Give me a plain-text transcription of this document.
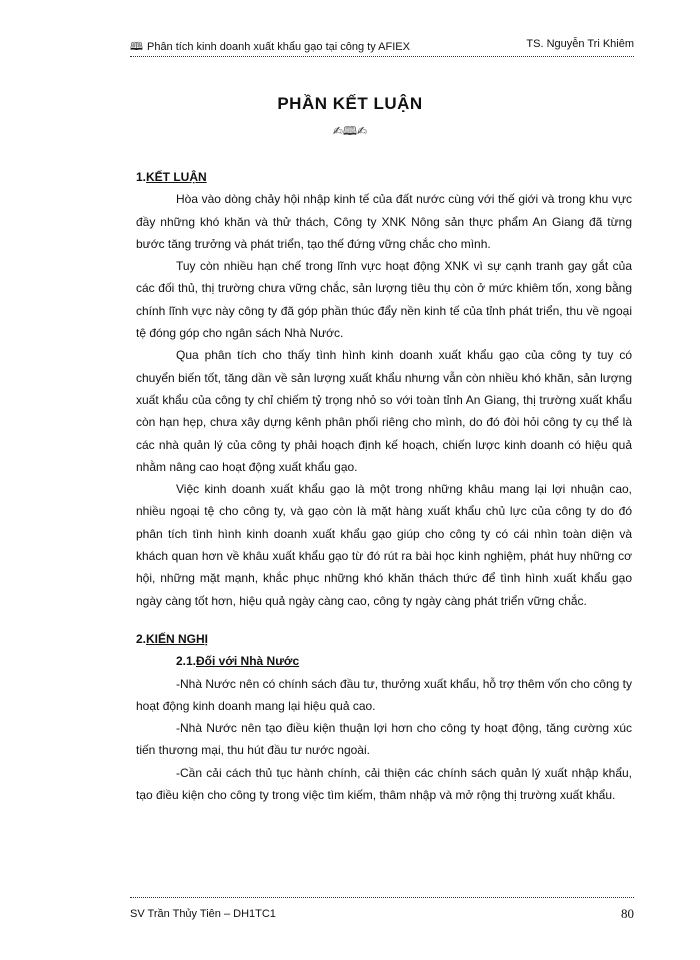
🕮 Phân tích kinh doanh xuất khẩu gạo tại công ty AFIEX	TS. Nguyễn Tri Khiêm
PHẦN KẾT LUẬN
✍🕮✍
1.KẾT LUẬN

Hòa vào dòng chảy hội nhập kinh tế của đất nước cùng với thế giới và trong khu vực đầy những khó khăn và thử thách, Công ty XNK Nông sản thực phẩm An Giang đã từng bước tăng trưởng và phát triển, tạo thế đứng vững chắc cho mình.

Tuy còn nhiều hạn chế trong lĩnh vực hoạt động XNK vì sự cạnh tranh gay gắt của các đối thủ, thị trường chưa vững chắc, sản lượng tiêu thụ còn ở mức khiêm tốn, xong bằng chính lĩnh vực này công ty đã góp phần thúc đẩy nền kinh tế của tỉnh phát triển, thu về ngoại tệ đóng góp cho ngân sách Nhà Nước.

Qua phân tích cho thấy tình hình kinh doanh xuất khẩu gạo của công ty tuy có chuyển biến tốt, tăng dần về sản lượng xuất khẩu nhưng vẫn còn nhiều khó khăn, sản lượng xuất khẩu của công ty chỉ chiếm tỷ trọng nhỏ so với toàn tỉnh An Giang, thị trường xuất khẩu còn hạn hẹp, chưa xây dựng kênh phân phối riêng cho mình, do đó đòi hỏi công ty cụ thể là các nhà quản lý của công ty phải hoạch định kế hoạch, chiến lược kinh doanh có hiệu quả nhằm nâng cao hoạt động xuất khẩu gạo.

Việc kinh doanh xuất khẩu gạo là một trong những khâu mang lại lợi nhuận cao, nhiều ngoại tệ cho công ty, và gạo còn là mặt hàng xuất khẩu chủ lực của công ty do đó phân tích tình hình kinh doanh xuất khẩu gạo giúp cho công ty có cái nhìn toàn diện và khách quan hơn về khâu xuất khẩu gạo từ đó rút ra bài học kinh nghiệm, phát huy những cơ hội, những mặt mạnh, khắc phục những khó khăn thách thức để tình hình xuất khẩu gạo ngày càng tốt hơn, hiệu quả ngày càng cao, công ty ngày càng phát triển vững chắc.

2.KIẾN NGHỊ
2.1.Đối với Nhà Nước

-Nhà Nước nên có chính sách đầu tư, thưởng xuất khẩu, hỗ trợ thêm vốn cho công ty hoạt động kinh doanh mang lại hiệu quả cao.

-Nhà Nước nên tạo điều kiện thuận lợi hơn cho công ty hoạt động, tăng cường xúc tiến thương mại, thu hút đầu tư nước ngoài.

-Cần cải cách thủ tục hành chính, cải thiện các chính sách quản lý xuất nhập khẩu, tạo điều kiện cho công ty trong việc tìm kiếm, thâm nhập và mở rộng thị trường xuất khẩu.

SV Trần Thủy Tiên – DH1TC1	80
